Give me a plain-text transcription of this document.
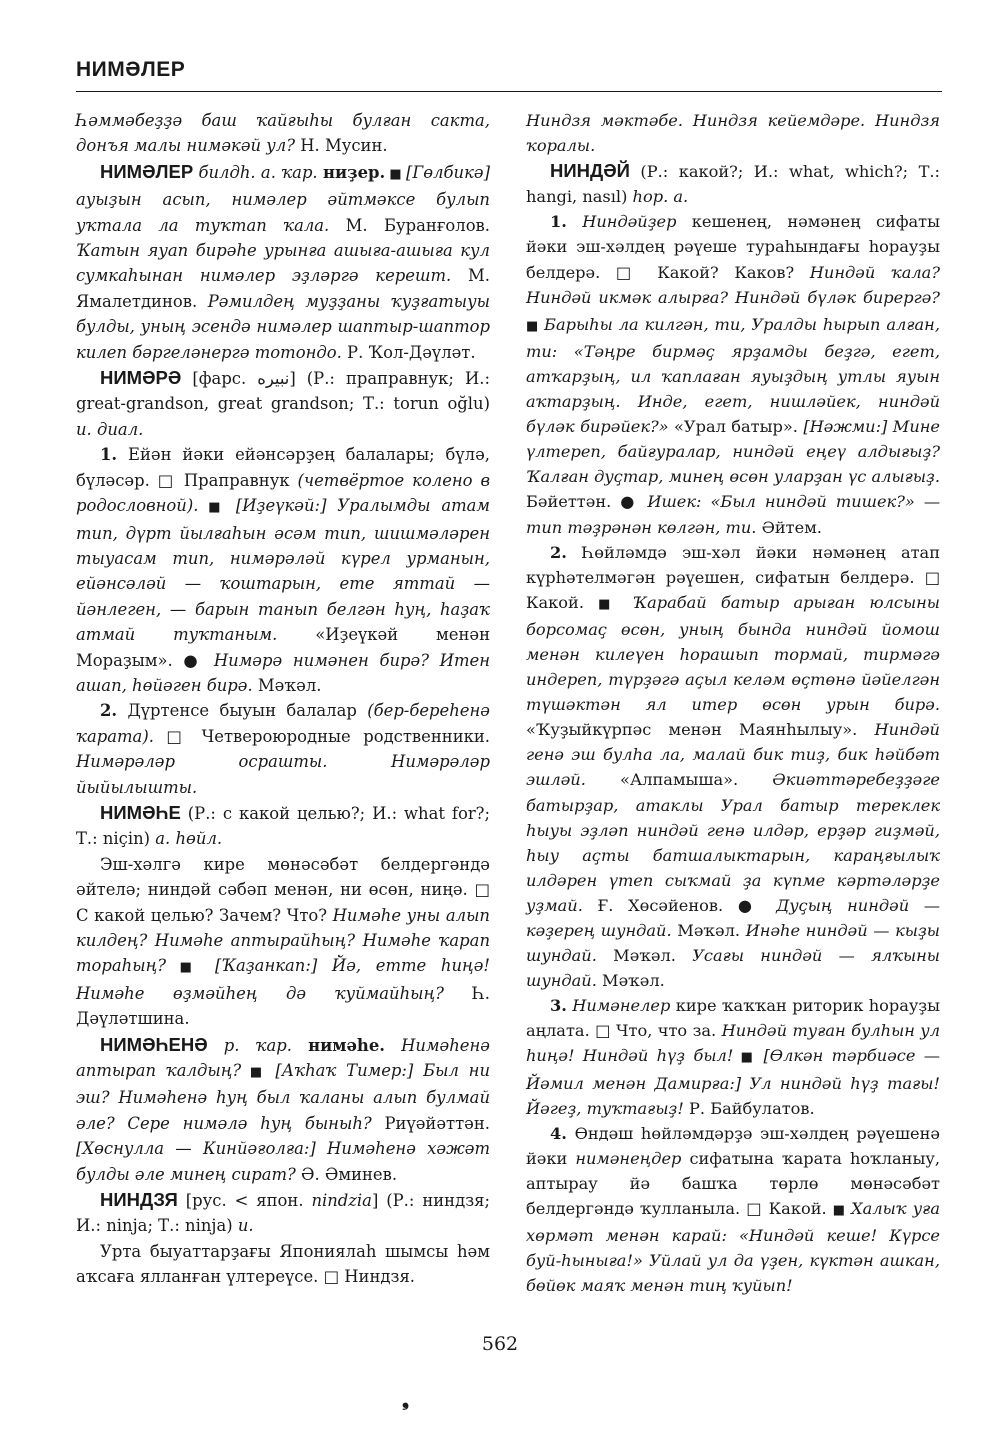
НИМӘЛЕР

Һәммәбеҙҙә баш ҡайғыһы булған сакта, донъя малы нимәкәй ул? Н. Мусин.

НИМӘЛЕР билдһ. а. ҡар. ниҙер. ■ [Гөлбикә] ауыҙын асып, нимәлер әйтмәксе булып уҡтала ла туҡтап ҡала. М. Буранғолов. Ҡатын яуап бирәһе урынға ашыға-ашыға кул сумкаһынан нимәлер эҙләргә керешт. М. Ямалетдинов. Рәмилдең муҙҙаны ҡуҙғатыуы булды, уның эсендә нимәлер шаптыр-шаптор килеп бәргеләнергә тотондо. Р. Ҡол-Дәүләт.

НИМӘРӘ [фарс. نبیره] (Р.: праправнук; И.: great-grandson, great grandson; Т.: torun oğlu) и. диал.

1. Ейән йәки ейәнсәрҙең балалары; бүлә, бүләсәр. □ Праправнук (четвёртое колено в родословной). ■ [Иҙеүкәй:] Уралымды атам тип, дүрт йылғаһын әсәм тип, шишмәләрен тыуасам тип, нимәрәләй күрел урманын, ейәнсәләй — ҡоштарын, ете яттай — йәнлеген, — барын танып белгән һуң, һаҙаҡ атмай туҡтаным. «Иҙеүкәй менән Мораҙым». ● Нимәрә нимәнен бирә? Итен ашап, һөйәген бирә. Мәҡәл.

2. Дүртенсе быуын балалар (бер-береһенә ҡарата). □ Четвероюродные родственники. Нимәрәләр осрашты. Нимәрәләр йыйылышты.

НИМӘҺЕ (Р.: с какой целью?; И.: what for?; Т.: niçin) а. һөйл.

Эш-хәлгә кире мөнәсәбәт белдергәндә әйтелә; ниндәй сәбәп менән, ни өсөн, ниңә. □ С какой целью? Зачем? Что? Нимәһе уны алып килдең? Нимәһе аптырайһың? Нимәһе ҡарап тораһың? ■ [Ҡаҙанкап:] Йә, етте һиңә! Нимәһе өҙмәйһең дә ҡуймайһың? Һ. Дәүләтшина.

НИМӘҺЕНӘ р. ҡар. нимәһе. Нимәһенә аптырап ҡалдың? ■ [Аҡһаҡ Тимер:] Был ни эш? Нимәһенә һуң был ҡаланы алып булмай әле? Сере нимәлә һуң быныһ? Риүәйәттән. [Хөснулла — Кинйәғолға:] Нимәһенә хәжәт булды әле минең сират? Ә. Әминев.

НИНДЗЯ [рус. < япон. nindzia] (Р.: ниндзя; И.: ninja; Т.: ninja) и.

Урта быуаттарҙағы Япониялаһ шымсы һәм аҡсаға ялланған үлтереүсе. □ Ниндзя.

Ниндзя мәктәбе. Ниндзя кейемдәре. Ниндзя ҡоралы.

НИНДӘЙ (Р.: какой?; И.: what, which?; Т.: hangi, nasıl) һор. а.

1. Ниндәйҙер кешенең, нәмәнең сифаты йәки эш-хәлдең рәүеше тураһындағы һорауҙы белдерә. □ Какой? Каков? Ниндәй ҡала? Ниндәй икмәк алырға? Ниндәй бүләк бирергә? ■ Барыһы ла килгән, ти, Уралды һырып алған, ти: «Тәңре бирмәҫ ярҙамды беҙгә, егет, атҡарҙың, ил ҡаплаған яуыҙдың утлы яуын аҡтарҙың. Инде, егет, нишләйек, ниндәй бүләк бирәйек?» «Урал батыр». [Нәжми:] Мине үлтереп, байғуралар, ниндәй еңеү алдығыҙ? Ҡалған дуҫтар, минең өсөн уларҙан үс алығыҙ. Бәйеттән. ● Ишек: «Был ниндәй тишек?» — тип тәҙрәнән көлгән, ти. Әйтем.

2. Һөйләмдә эш-хәл йәки нәмәнең атап күрһәтелмәгән рәүешен, сифатын белдерә. □ Какой. ■ Ҡарабай батыр арыған юлсыны борсомаҫ өсөн, уның бында ниндәй йомош менән килеүен һорашып тормай, тирмәгә индереп, түрҙәгә аҫыл келәм өҫтөнә йәйелгән түшәктән ял итер өсөн урын бирә. «Ҡуҙыйкүрпәс менән Маянһылыу». Ниндәй генә эш булһа ла, малай бик тиҙ, бик һәйбәт эшләй. «Алпамыша». Әкиәттәребеҙҙәге батырҙар, атаклы Урал батыр тереклек һыуы эҙләп ниндәй генә илдәр, ерҙәр гиҙмәй, һыу аҫты батшалыктарын, караңғылыҡ илдәрен үтеп сыҡмай ҙа күпме кәртәләрҙе уҙмай. Ғ. Хөсәйенов. ● Дуҫың ниндәй — кәҙерең шундай. Мәҡәл. Инәһе ниндәй — кыҙы шундай. Мәҡәл. Усағы ниндәй — ялҡыны шундай. Мәҡәл.

3. Нимәнелер кире ҡаҡҡан риторик һорауҙы аңлата. □ Что, что за. Ниндәй туған булһын ул һиңә! Ниндәй һүҙ был! ■ [Өлкән тәрбиәсе — Йәмил менән Дамирға:] Ул ниндәй һүҙ тағы! Йәгеҙ, туҡтағыҙ! Р. Байбулатов.

4. Өндәш һөйләмдәрҙә эш-хәлдең рәүешенә йәки нимәнеңдер сифатына ҡарата һоҡланыу, аптырау йә башҡа төрлө мөнәсәбәт белдергәндә ҡулланыла. □ Какой. ■ Халыҡ уға хөрмәт менән карай: «Ниндәй кеше! Күрсе буй-һыныға!» Уйлай ул да үҙен, күктән ашкан, бөйөк маяҡ менән тиң ҡуйып!

562
❟
